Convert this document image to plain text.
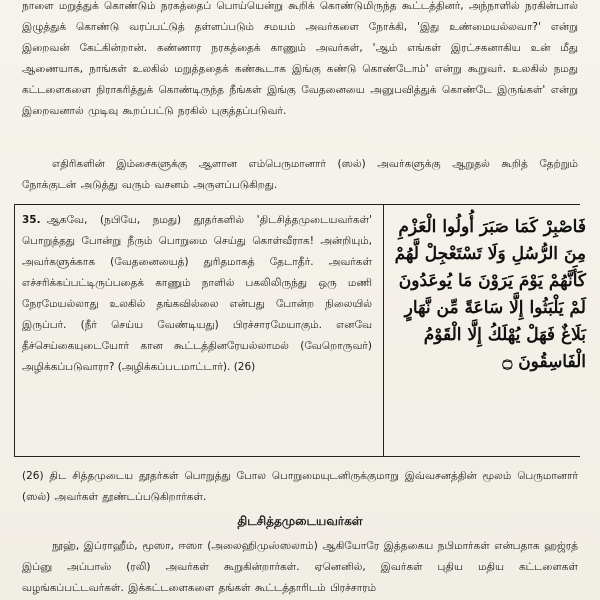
நாளை மறுத்துக் கொண்டும் நரகத்தைப் பொய்யென்று கூறிக் கொண்டுமிருந்த கூட்டத்தினர், அந்நாளில் நரகின்பால் இழுத்துக் கொண்டு வரப்பட்டுத் தள்ளப்படும் சமயம் அவர்களை நோக்கி, 'இது உண்மையல்லவா?' என்று இறைவன் கேட்கின்றான். கண்ணார நரகத்தைக் காணும் அவர்கள், 'ஆம் எங்கள் இரட்சகனாகிய உன் மீது ஆணையாக, நாங்கள் உலகில் மறுத்ததைக் கண்கூடாக இங்கு கண்டு கொண்டோம்' என்று கூறுவர். உலகில் நமது கட்டளைகளை நிராகரித்துக் கொண்டிருந்த நீங்கள் இங்கு வேதனையை அனுபவித்துக் கொண்டே இருங்கள்' என்று இறைவனால் முடிவு கூறப்பட்டு நரகில் புகுத்தப்படுவர்.

எதிரிகளின் இம்சைகளுக்கு ஆளான எம்பெருமானார் (ஸல்) அவர்களுக்கு ஆறுதல் கூறித் தேற்றும் நோக்குடன் அடுத்து வரும் வசனம் அருளப்படுகிறது.

35. ஆகவே, (நபியே, நமது) தூதர்களில் 'திடசித்தமுடையவர்கள்' பொறுத்தது போன்று நீரும் பொறுமை செய்து கொள்வீராக! அன்றியும், அவர்களுக்காக (வேதனையைத்) துரிதமாகத் தேடாதீர். அவர்கள் எச்சரிக்கப்பட்டிருப்பதைக் காணும் நாளில் பகலிலிருந்து ஒரு மணி நேரமேயல்லாது உலகில் தங்கவில்லை என்பது போன்ற நிலையில் இருப்பர். (நீர் செய்ய வேண்டியது) பிரச்சாரமேயாகும். எனவே தீச்செய்கையுடையோர் கான கூட்டத்தினரேயல்லாமல் (வேறொருவர்) அழிக்கப்படுவாரா? (அழிக்கப்படமாட்டார்). (26)

فَاصْبِرْ كَمَا صَبَرَ أُولُوا الْعَزْمِ
مِنَ الرُّسُلِ وَلَا تَسْتَعْجِلْ لَّهُمْ
كَأَنَّهُمْ يَوْمَ يَرَوْنَ مَا يُوعَدُونَ
لَمْ يَلْبَثُوا إِلَّا سَاعَةً مِّن نَّهَارٍ
بَلَاغٌ فَهَلْ يُهْلَكُ إِلَّا الْقَوْمُ
الْفَاسِقُونَ ۝

(26) திட சித்தமுடைய தூதர்கள் பொறுத்து போல பொறுமையுடனிருக்குமாறு இவ்வசனத்தின் மூலம் பெருமானார் (ஸல்) அவர்கள் தூண்டப்படுகிறார்கள்.

திடசித்தமுடையவர்கள்

நூஹ், இப்ராஹீம், மூஸா, ஈஸா (அலைஹிமுஸ்ஸலாம்) ஆகியோரே இத்தகைய நபிமார்கள் என்பதாக ஹஜ்ரத் இப்னு அப்பாஸ் (ரலி) அவர்கள் கூறுகின்றார்கள். ஏனெனில், இவர்கள் புதிய மதிய கட்டளைகள் வழங்கப்பட்டவர்கள். இக்கட்டளைகளை தங்கள் கூட்டத்தாரிடம் பிரச்சாரம்
